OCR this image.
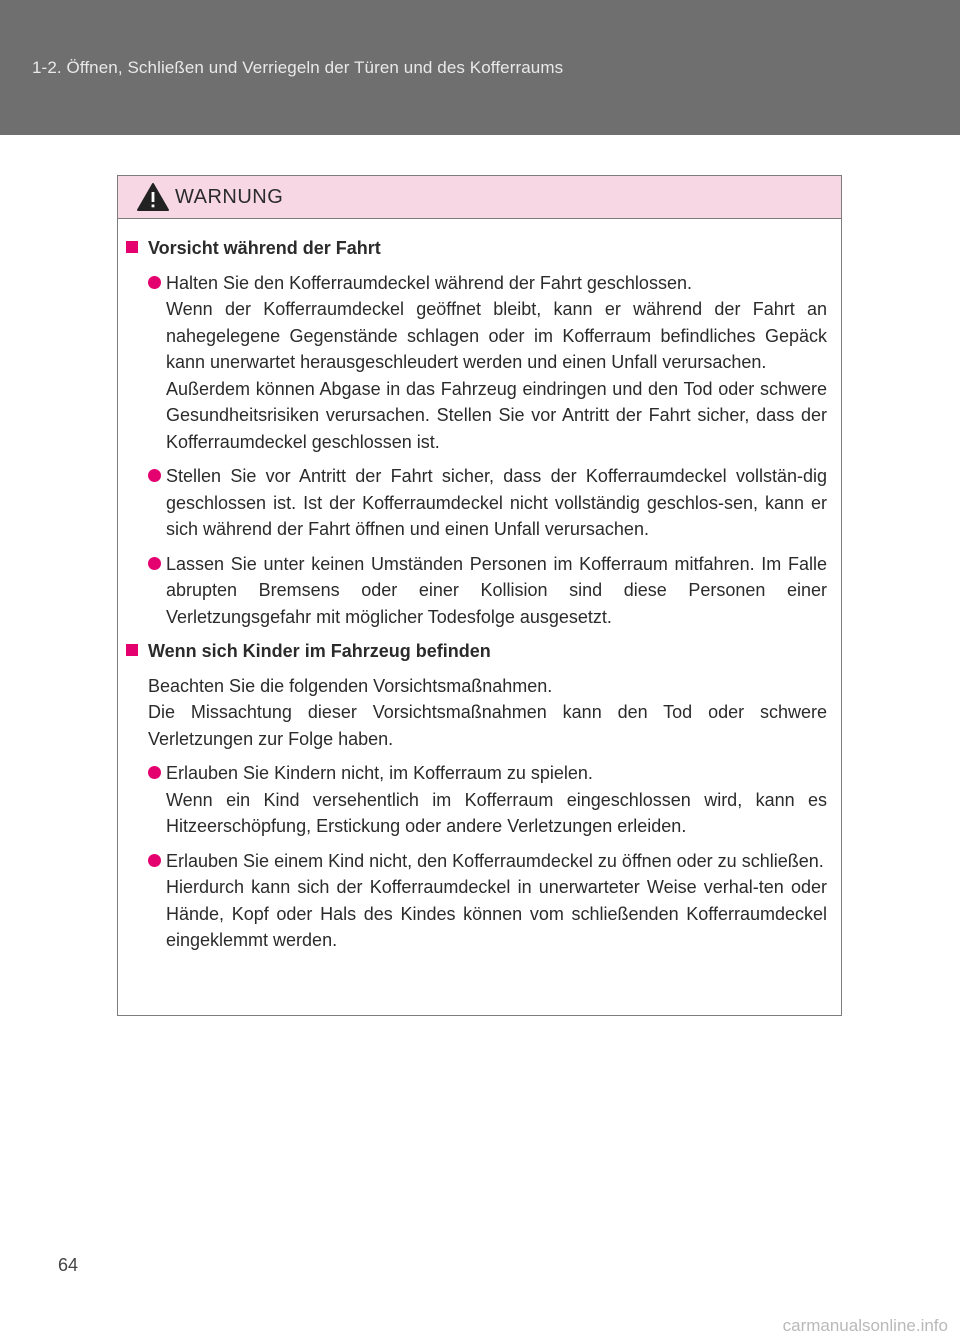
1-2. Öffnen, Schließen und Verriegeln der Türen und des Kofferraums
WARNUNG
Vorsicht während der Fahrt
Halten Sie den Kofferraumdeckel während der Fahrt geschlossen.
Wenn der Kofferraumdeckel geöffnet bleibt, kann er während der Fahrt an nahegelegene Gegenstände schlagen oder im Kofferraum befindliches Gepäck kann unerwartet herausgeschleudert werden und einen Unfall verursachen.
Außerdem können Abgase in das Fahrzeug eindringen und den Tod oder schwere Gesundheitsrisiken verursachen. Stellen Sie vor Antritt der Fahrt sicher, dass der Kofferraumdeckel geschlossen ist.
Stellen Sie vor Antritt der Fahrt sicher, dass der Kofferraumdeckel vollstän-dig geschlossen ist. Ist der Kofferraumdeckel nicht vollständig geschlos-sen, kann er sich während der Fahrt öffnen und einen Unfall verursachen.
Lassen Sie unter keinen Umständen Personen im Kofferraum mitfahren. Im Falle abrupten Bremsens oder einer Kollision sind diese Personen einer Verletzungsgefahr mit möglicher Todesfolge ausgesetzt.
Wenn sich Kinder im Fahrzeug befinden
Beachten Sie die folgenden Vorsichtsmaßnahmen.
Die Missachtung dieser Vorsichtsmaßnahmen kann den Tod oder schwere Verletzungen zur Folge haben.
Erlauben Sie Kindern nicht, im Kofferraum zu spielen.
Wenn ein Kind versehentlich im Kofferraum eingeschlossen wird, kann es Hitzeerschöpfung, Erstickung oder andere Verletzungen erleiden.
Erlauben Sie einem Kind nicht, den Kofferraumdeckel zu öffnen oder zu schließen.
Hierdurch kann sich der Kofferraumdeckel in unerwarteter Weise verhal-ten oder Hände, Kopf oder Hals des Kindes können vom schließenden Kofferraumdeckel eingeklemmt werden.
64
carmanualsonline.info
